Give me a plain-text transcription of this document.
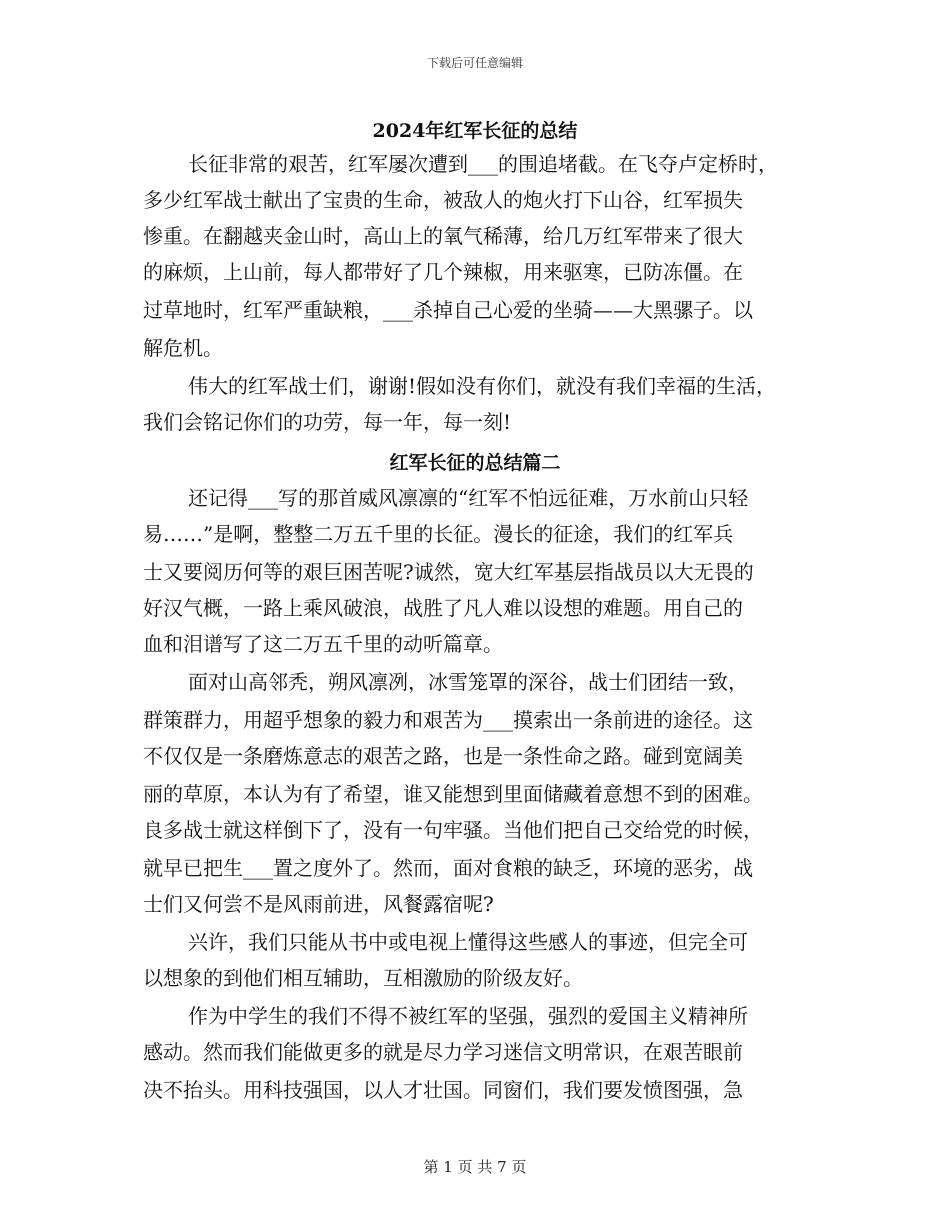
下载后可任意编辑
2024年红军长征的总结
长征非常的艰苦，红军屡次遭到___的围追堵截。在飞夺卢定桥时，
多少红军战士献出了宝贵的生命，被敌人的炮火打下山谷，红军损失
惨重。在翻越夹金山时，高山上的氧气稀薄，给几万红军带来了很大
的麻烦，上山前，每人都带好了几个辣椒，用来驱寒，已防冻僵。在
过草地时，红军严重缺粮，___杀掉自己心爱的坐骑——大黑骡子。以
解危机。
伟大的红军战士们，谢谢!假如没有你们，就没有我们幸福的生活，
我们会铭记你们的功劳，每一年，每一刻!
红军长征的总结篇二
还记得___写的那首威风凛凛的“红军不怕远征难，万水前山只轻
易……”是啊，整整二万五千里的长征。漫长的征途，我们的红军兵
士又要阅历何等的艰巨困苦呢?诚然，宽大红军基层指战员以大无畏的
好汉气概，一路上乘风破浪，战胜了凡人难以设想的难题。用自己的
血和泪谱写了这二万五千里的动听篇章。
面对山高邻秃，朔风凛冽，冰雪笼罩的深谷，战士们团结一致，
群策群力，用超乎想象的毅力和艰苦为___摸索出一条前进的途径。这
不仅仅是一条磨炼意志的艰苦之路，也是一条性命之路。碰到宽阔美
丽的草原，本认为有了希望，谁又能想到里面储藏着意想不到的困难。
良多战士就这样倒下了，没有一句牢骚。当他们把自己交给党的时候，
就早已把生___置之度外了。然而，面对食粮的缺乏，环境的恶劣，战
士们又何尝不是风雨前进，风餐露宿呢?
兴许，我们只能从书中或电视上懂得这些感人的事迹，但完全可
以想象的到他们相互辅助，互相激励的阶级友好。
作为中学生的我们不得不被红军的坚强，强烈的爱国主义精神所
感动。然而我们能做更多的就是尽力学习迷信文明常识，在艰苦眼前
决不抬头。用科技强国，以人才壮国。同窗们，我们要发愤图强，急
第 1 页 共 7 页
